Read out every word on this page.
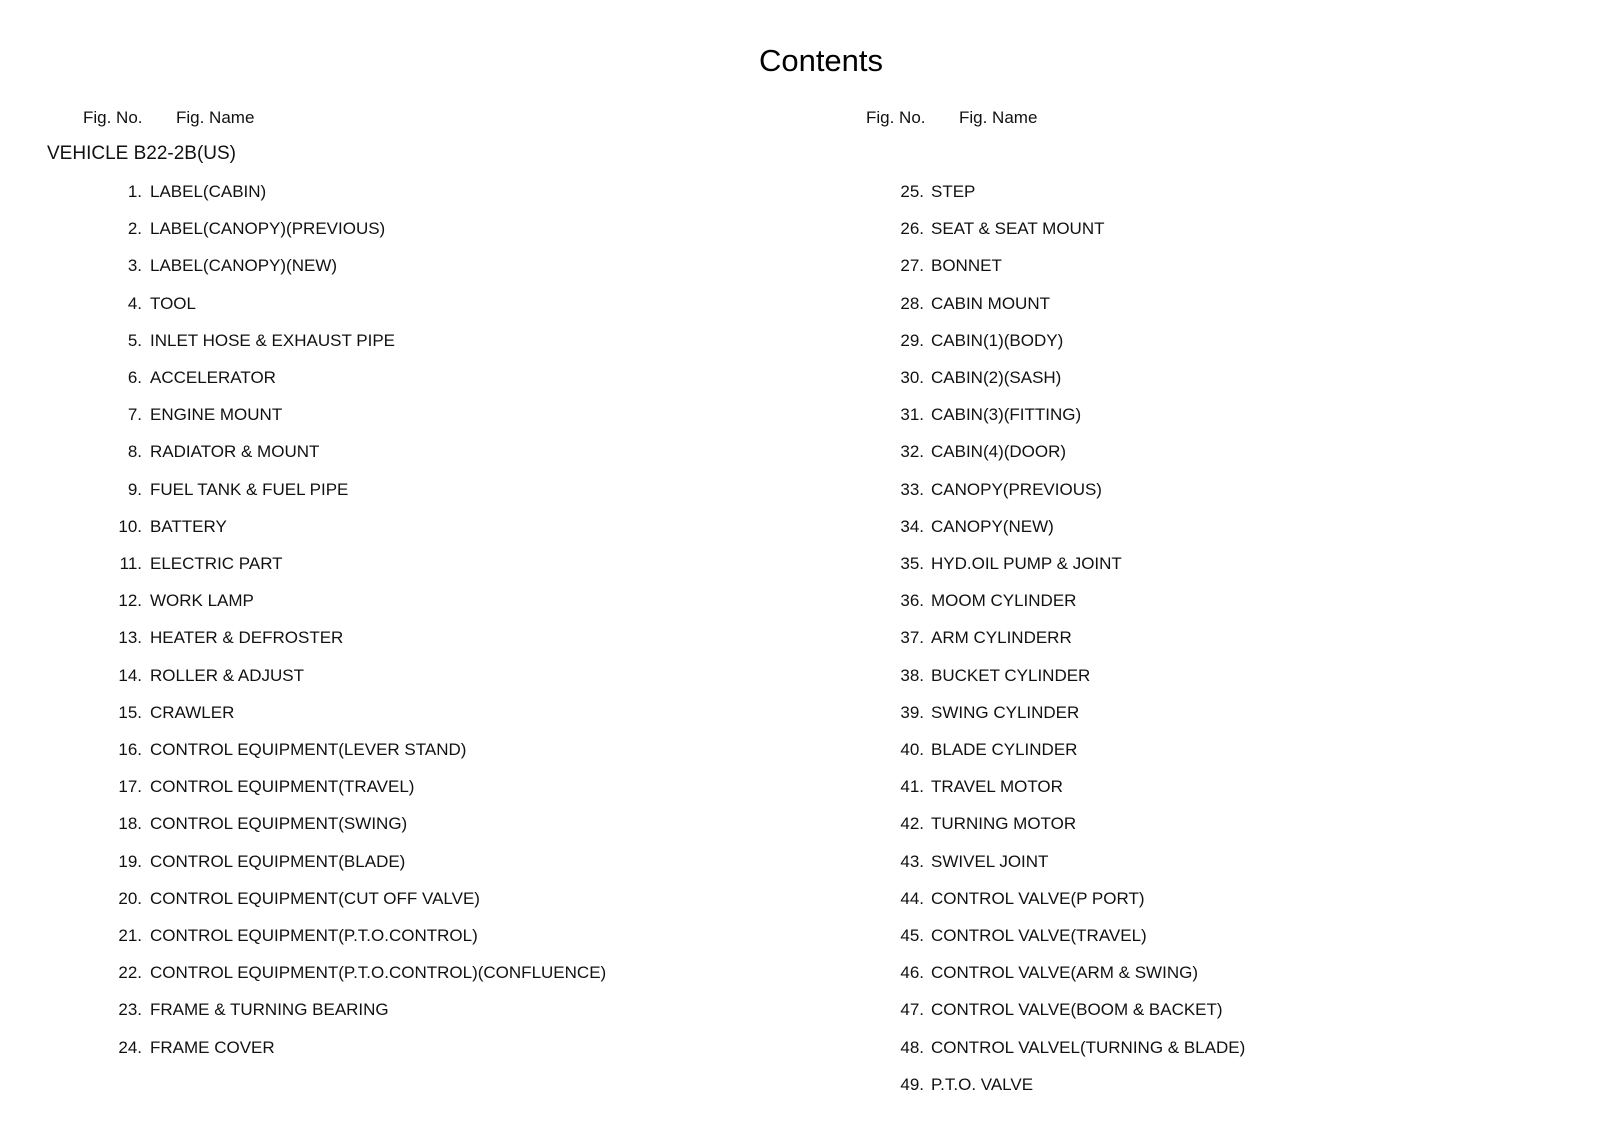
Contents
Fig. No. Fig. Name	Fig. No. Fig. Name
VEHICLE B22-2B(US)
1. LABEL(CABIN)
2. LABEL(CANOPY)(PREVIOUS)
3. LABEL(CANOPY)(NEW)
4. TOOL
5. INLET HOSE & EXHAUST PIPE
6. ACCELERATOR
7. ENGINE MOUNT
8. RADIATOR & MOUNT
9. FUEL TANK & FUEL PIPE
10. BATTERY
11. ELECTRIC PART
12. WORK LAMP
13. HEATER & DEFROSTER
14. ROLLER & ADJUST
15. CRAWLER
16. CONTROL EQUIPMENT(LEVER STAND)
17. CONTROL EQUIPMENT(TRAVEL)
18. CONTROL EQUIPMENT(SWING)
19. CONTROL EQUIPMENT(BLADE)
20. CONTROL EQUIPMENT(CUT OFF VALVE)
21. CONTROL EQUIPMENT(P.T.O.CONTROL)
22. CONTROL EQUIPMENT(P.T.O.CONTROL)(CONFLUENCE)
23. FRAME & TURNING BEARING
24. FRAME COVER
25. STEP
26. SEAT & SEAT MOUNT
27. BONNET
28. CABIN MOUNT
29. CABIN(1)(BODY)
30. CABIN(2)(SASH)
31. CABIN(3)(FITTING)
32. CABIN(4)(DOOR)
33. CANOPY(PREVIOUS)
34. CANOPY(NEW)
35. HYD.OIL PUMP & JOINT
36. MOOM CYLINDER
37. ARM CYLINDERR
38. BUCKET CYLINDER
39. SWING CYLINDER
40. BLADE CYLINDER
41. TRAVEL MOTOR
42. TURNING MOTOR
43. SWIVEL JOINT
44. CONTROL VALVE(P PORT)
45. CONTROL VALVE(TRAVEL)
46. CONTROL VALVE(ARM & SWING)
47. CONTROL VALVE(BOOM & BACKET)
48. CONTROL VALVEL(TURNING & BLADE)
49. P.T.O. VALVE
